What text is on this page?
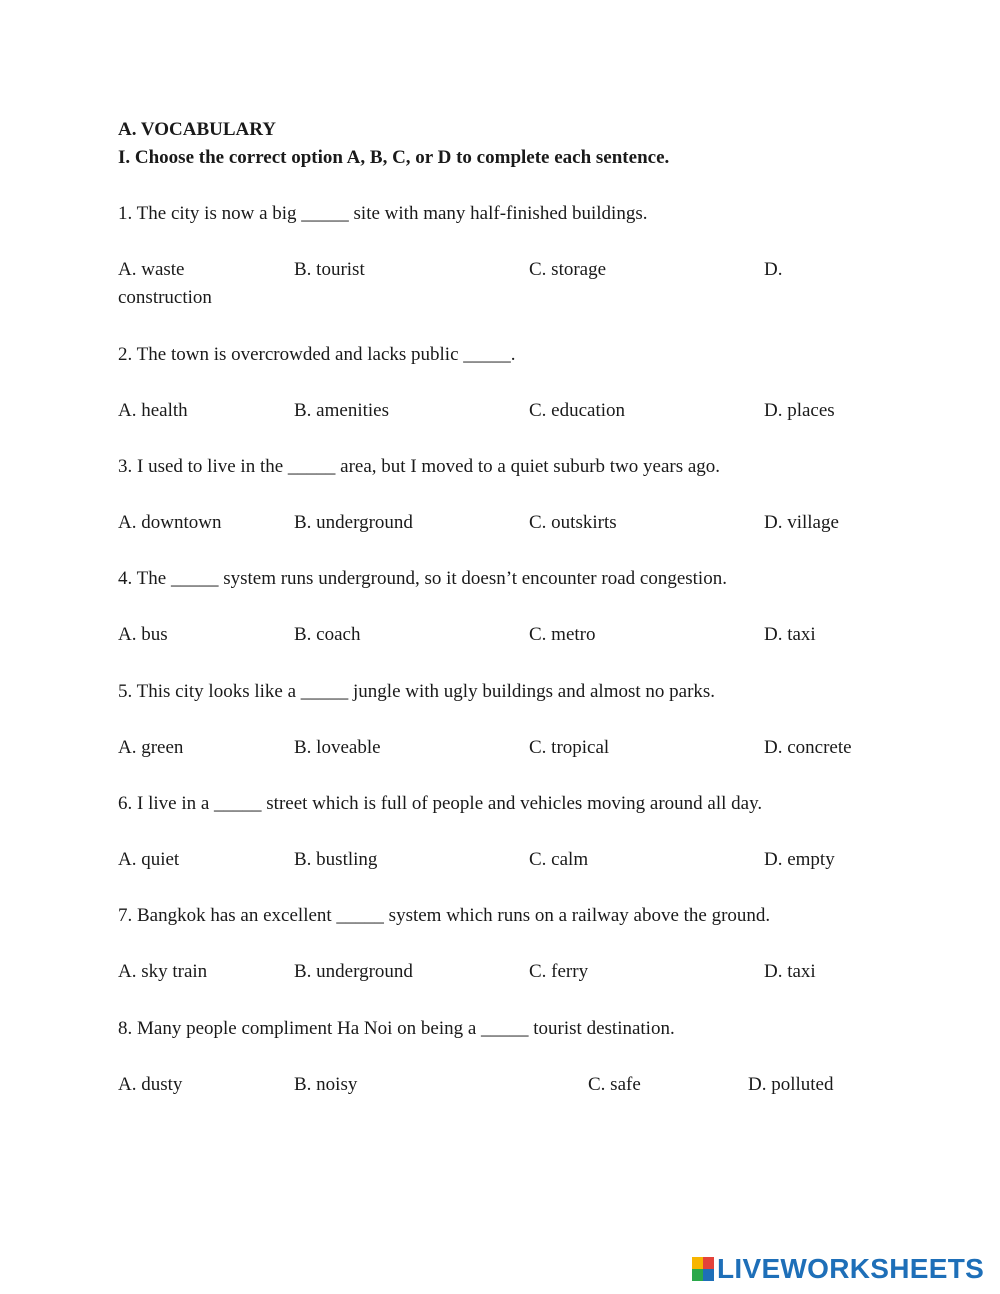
A. VOCABULARY
I. Choose the correct option A, B, C, or D to complete each sentence.
1. The city is now a big _____ site with many half-finished buildings.
A. waste	B. tourist	C. storage	D.
construction
2. The town is overcrowded and lacks public _____.
A. health	B. amenities	C. education	D. places
3. I used to live in the _____ area, but I moved to a quiet suburb two years ago.
A. downtown	B. underground	C. outskirts	D. village
4. The _____ system runs underground, so it doesn’t encounter road congestion.
A. bus	B. coach	C. metro	D. taxi
5. This city looks like a _____ jungle with ugly buildings and almost no parks.
A. green	B. loveable	C. tropical	D. concrete
6. I live in a _____ street which is full of people and vehicles moving around all day.
A. quiet	B. bustling	C. calm	D. empty
7. Bangkok has an excellent _____ system which runs on a railway above the ground.
A. sky train	B. underground	C. ferry	D. taxi
8. Many people compliment Ha Noi on being a _____ tourist destination.
A. dusty	B. noisy	C. safe	D. polluted
LIVEWORKSHEETS
